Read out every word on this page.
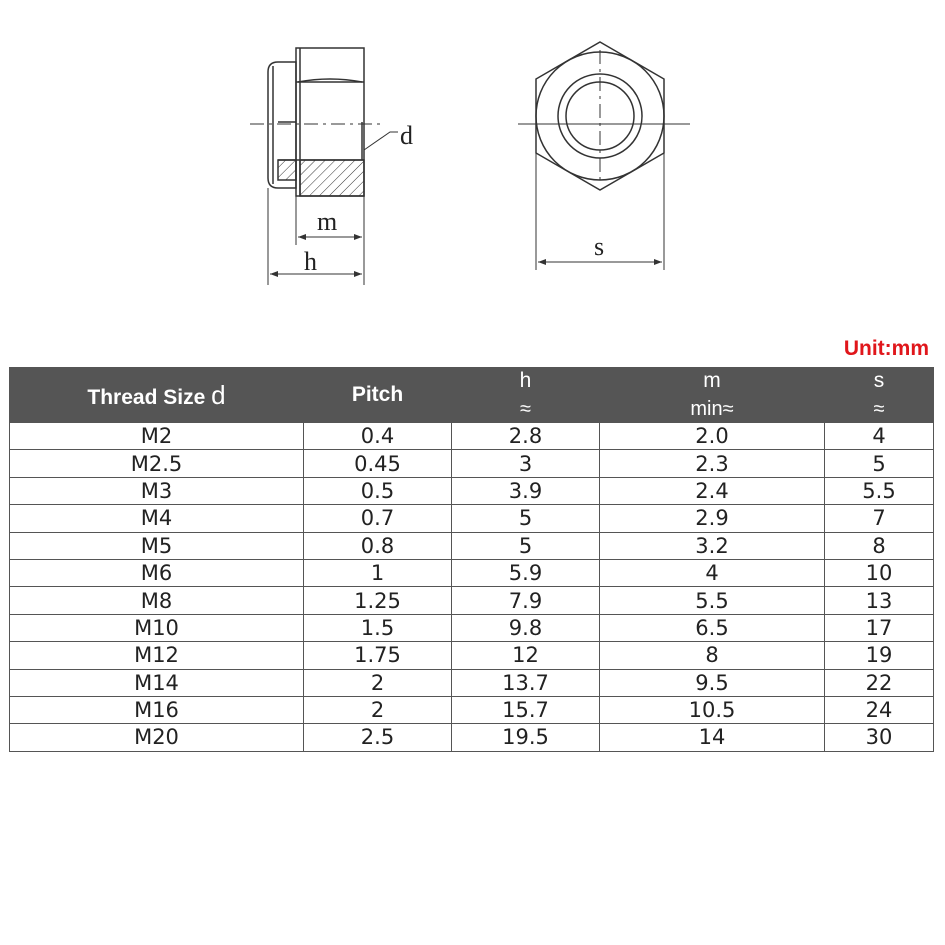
d
m
h
s
Unit:mm
Thread Size d	Pitch	h	m	s
		≈	min≈	≈
M2	0.4	2.8	2.0	4
M2.5	0.45	3	2.3	5
M3	0.5	3.9	2.4	5.5
M4	0.7	5	2.9	7
M5	0.8	5	3.2	8
M6	1	5.9	4	10
M8	1.25	7.9	5.5	13
M10	1.5	9.8	6.5	17
M12	1.75	12	8	19
M14	2	13.7	9.5	22
M16	2	15.7	10.5	24
M20	2.5	19.5	14	30
